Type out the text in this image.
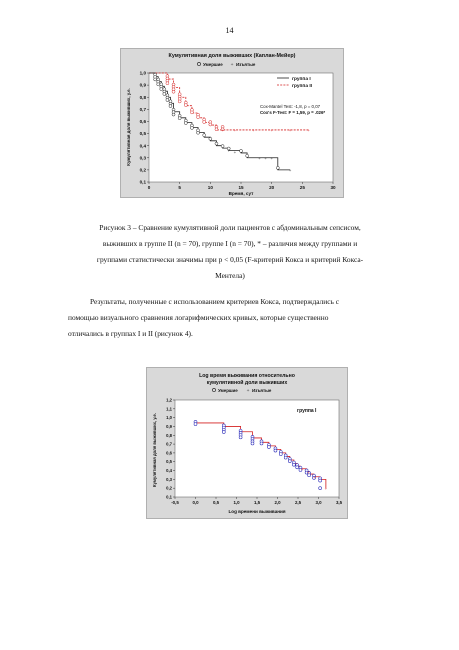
14
Кумулятивная доля выживших (Каплан-Мейер)
Умершие + Изъятые
0	5	10	15	20	25	30
0,1
0,2
0,3
0,4
0,5
0,6
0,7
0,8
0,9
1,0
Время, сут
Кумулятивная доля выживших, у.е.	+ +
+ + +
+
+ +	+	+	+	+
группа I
группа II
Cox-Mantel Test: -1,8, p = 0,07
Cox's F-Test: F = 1,59, p = .026*
Рисунок 3 – Сравнение кумулятивной доли пациентов с абдоминальным сепсисом,
выживших в группе II (n = 70), группе I (n = 70), * – различия между группами и
группами статистически значимы при p < 0,05 (F-критерий Кокса и критерий Кокса-
Ментела)
Результаты, полученные с использованием критериев Кокса, подтверждались с
помощью визуального сравнения логарифмических кривых, которые существенно
отличались в группах I и II (рисунок 4).
Log время выживания относительно
кумулятивной доли выживших
Умершие + Изъятые
-0,5	0,0	0,5	1,0	1,5	2,0	2,5	3,0	3,5
0,1
0,2
0,3
0,4
0,5
0,6
0,7
0,8
0,9
1,0
1,1
1,2
Log времени выживания
Кумулятивная доля выживших, у.е.	+
+
+
+
группа I
